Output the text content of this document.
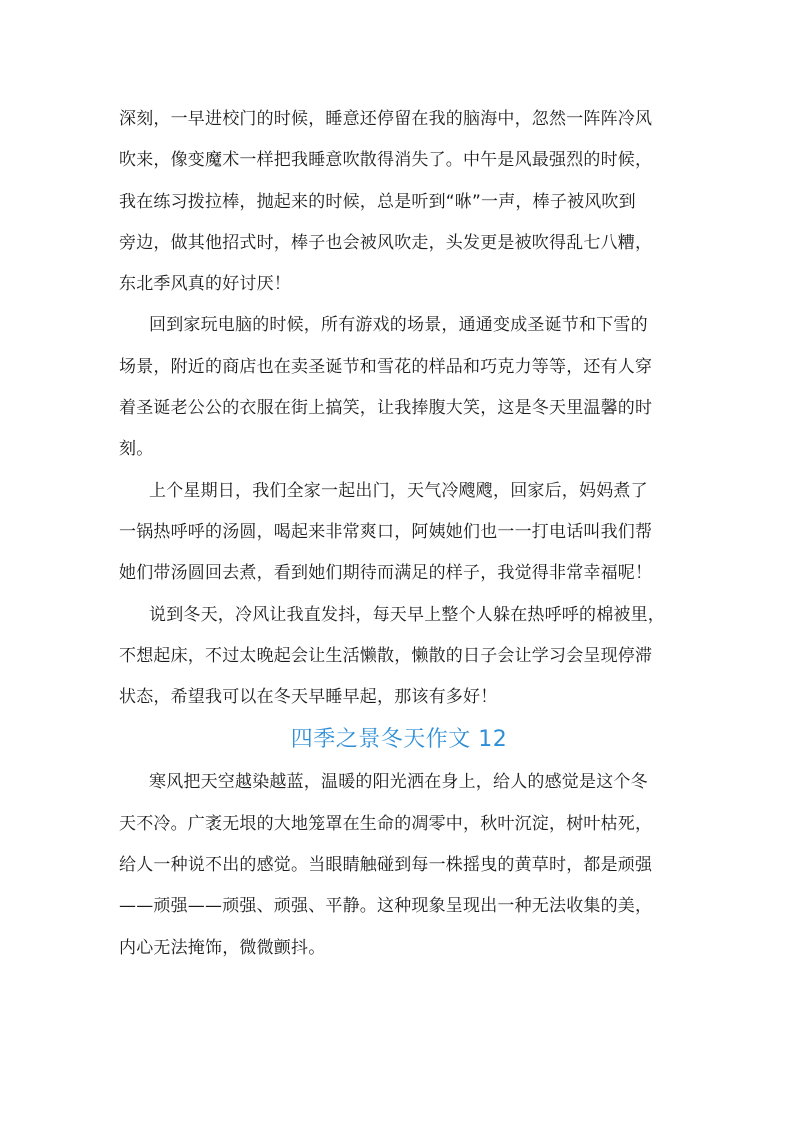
深刻，一早进校门的时候，睡意还停留在我的脑海中，忽然一阵阵冷风
吹来，像变魔术一样把我睡意吹散得消失了。中午是风最强烈的时候，
我在练习拨拉棒，抛起来的时候，总是听到“咻”一声，棒子被风吹到
旁边，做其他招式时，棒子也会被风吹走，头发更是被吹得乱七八糟，
东北季风真的好讨厌！
回到家玩电脑的时候，所有游戏的场景，通通变成圣诞节和下雪的
场景，附近的商店也在卖圣诞节和雪花的样品和巧克力等等，还有人穿
着圣诞老公公的衣服在街上搞笑，让我捧腹大笑，这是冬天里温馨的时
刻。
上个星期日，我们全家一起出门，天气冷飕飕，回家后，妈妈煮了
一锅热呼呼的汤圆，喝起来非常爽口，阿姨她们也一一打电话叫我们帮
她们带汤圆回去煮，看到她们期待而满足的样子，我觉得非常幸福呢！
说到冬天，冷风让我直发抖，每天早上整个人躲在热呼呼的棉被里，
不想起床，不过太晚起会让生活懒散，懒散的日子会让学习会呈现停滞
状态，希望我可以在冬天早睡早起，那该有多好！
四季之景冬天作文 12
寒风把天空越染越蓝，温暖的阳光洒在身上，给人的感觉是这个冬
天不冷。广袤无垠的大地笼罩在生命的凋零中，秋叶沉淀，树叶枯死，
给人一种说不出的感觉。当眼睛触碰到每一株摇曳的黄草时，都是顽强
——顽强——顽强、顽强、平静。这种现象呈现出一种无法收集的美，
内心无法掩饰，微微颤抖。
